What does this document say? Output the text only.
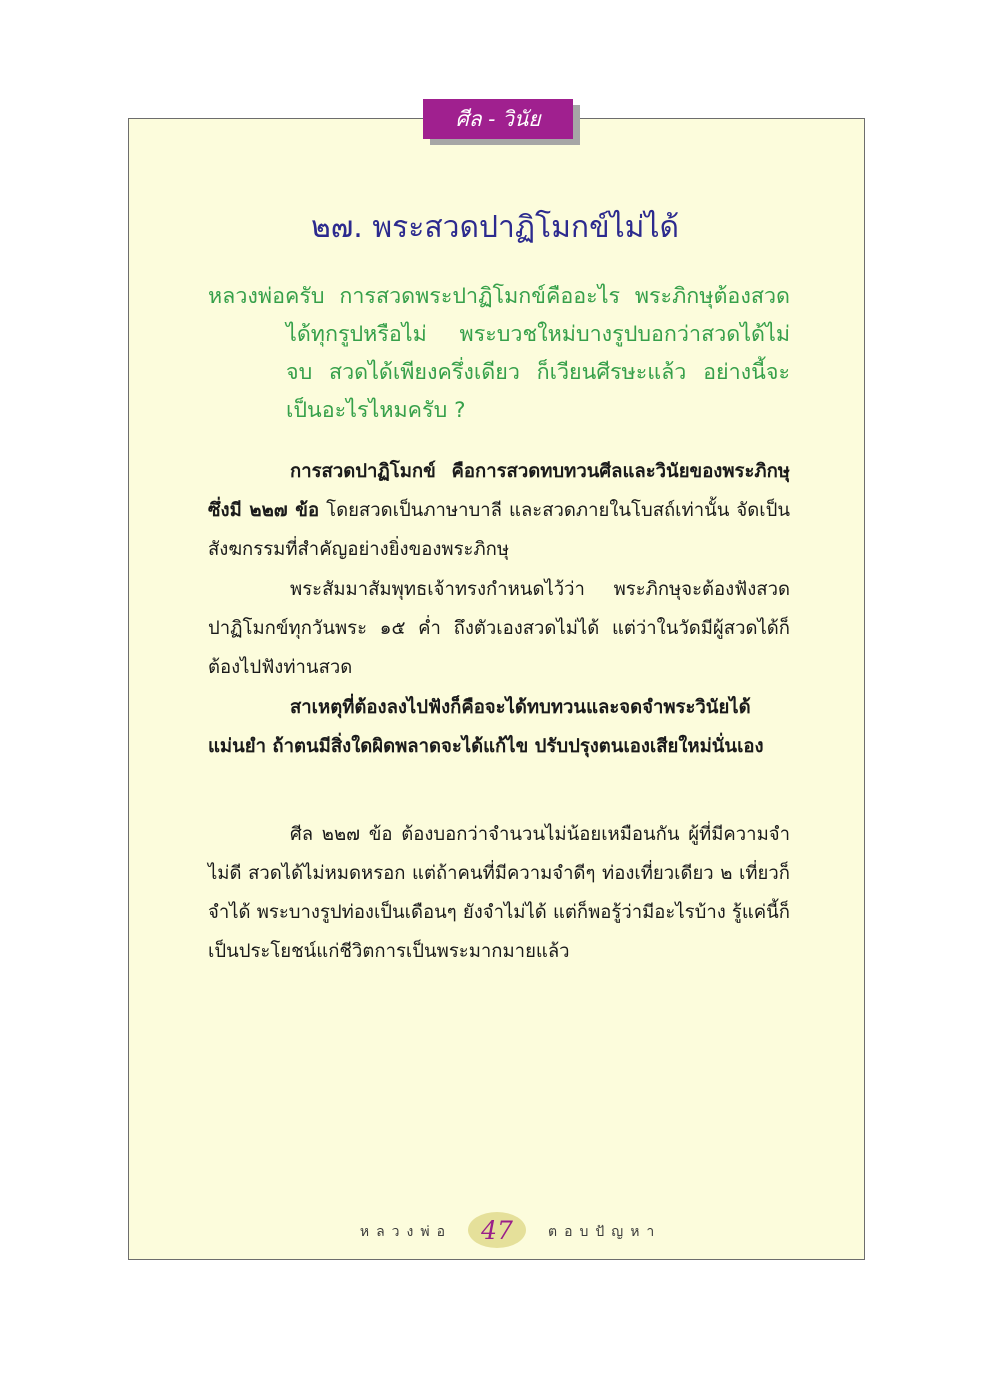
ศีล - วินัย
๒๗. พระสวดปาฏิโมกข์ไม่ได้
หลวงพ่อครับ การสวดพระปาฏิโมกข์คืออะไร พระภิกษุต้องสวดได้ทุกรูปหรือไม่ พระบวชใหม่บางรูปบอกว่าสวดได้ไม่จบ สวดได้เพียงครึ่งเดียว ก็เวียนศีรษะแล้ว อย่างนี้จะเป็นอะไรไหมครับ ?

การสวดปาฏิโมกข์ คือการสวดทบทวนศีลและวินัยของพระภิกษุซึ่งมี ๒๒๗ ข้อ โดยสวดเป็นภาษาบาลี และสวดภายในโบสถ์เท่านั้น จัดเป็นสังฆกรรมที่สำคัญอย่างยิ่งของพระภิกษุ

พระสัมมาสัมพุทธเจ้าทรงกำหนดไว้ว่า พระภิกษุจะต้องฟังสวดปาฏิโมกข์ทุกวันพระ ๑๕ ค่ำ ถึงตัวเองสวดไม่ได้ แต่ว่าในวัดมีผู้สวดได้ก็ต้องไปฟังท่านสวด

สาเหตุที่ต้องลงไปฟังก็คือจะได้ทบทวนและจดจำพระวินัยได้แม่นยำ ถ้าตนมีสิ่งใดผิดพลาดจะได้แก้ไข ปรับปรุงตนเองเสียใหม่นั่นเอง

ศีล ๒๒๗ ข้อ ต้องบอกว่าจำนวนไม่น้อยเหมือนกัน ผู้ที่มีความจำไม่ดี สวดได้ไม่หมดหรอก แต่ถ้าคนที่มีความจำดีๆ ท่องเที่ยวเดียว ๒ เที่ยวก็จำได้ พระบางรูปท่องเป็นเดือนๆ ยังจำไม่ได้ แต่ก็พอรู้ว่ามีอะไรบ้าง รู้แค่นี้ก็เป็นประโยชน์แก่ชีวิตการเป็นพระมากมายแล้ว

หลวงพ่อ	47	ตอบปัญหา
